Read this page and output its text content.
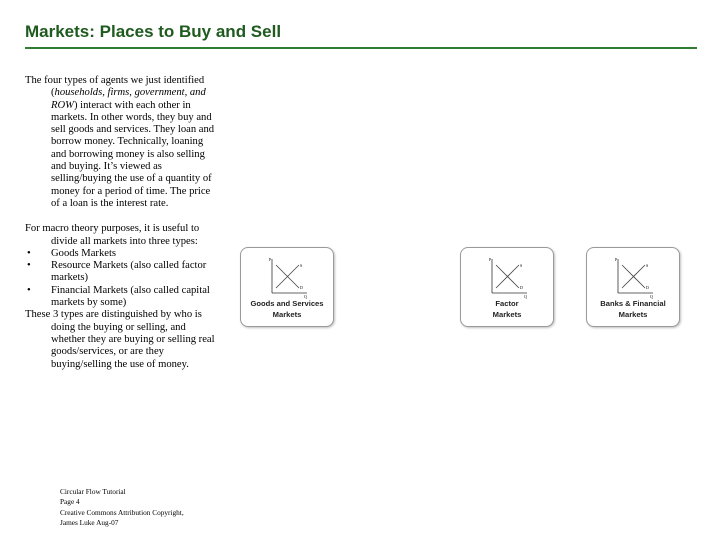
Markets: Places to Buy and Sell

The four types of agents we just identified (households, firms, government, and ROW) interact with each other in markets. In other words, they buy and sell goods and services. They loan and borrow money. Technically, loaning and borrowing money is also selling and buying. It’s viewed as selling/buying the use of a quantity of money for a period of time. The price of a loan is the interest rate.

For macro theory purposes, it is useful to divide all markets into three types:

• Goods Markets

• Resource Markets (also called factor markets)

• Financial Markets (also called capital markets by some)

These 3 types are distinguished by who is doing the buying or selling, and whether they are buying or selling real goods/services, or are they buying/selling the use of money.

Circular Flow Tutorial
Page 4
Creative Commons Attribution Copyright,
James Luke Aug-07
P
Q
S
D
Goods and Services
Markets
P
Q
S
D
Factor
Markets
P
Q
S
D
Banks & Financial
Markets
